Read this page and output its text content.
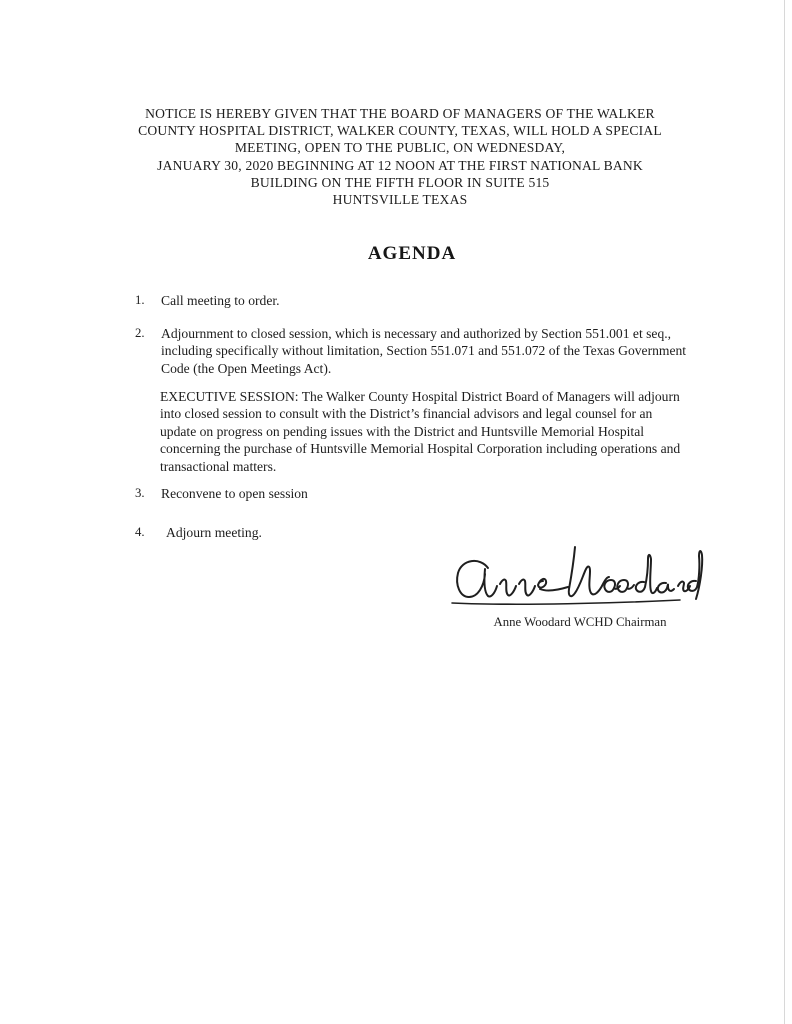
NOTICE IS HEREBY GIVEN THAT THE BOARD OF MANAGERS OF THE WALKER
COUNTY HOSPITAL DISTRICT, WALKER COUNTY, TEXAS, WILL HOLD A SPECIAL
MEETING, OPEN TO THE PUBLIC, ON WEDNESDAY,
JANUARY 30, 2020 BEGINNING AT 12 NOON AT THE FIRST NATIONAL BANK
BUILDING ON THE FIFTH FLOOR IN SUITE 515
HUNTSVILLE TEXAS
AGENDA
1. Call meeting to order.
2. Adjournment to closed session, which is necessary and authorized by Section 551.001 et seq., including specifically without limitation, Section 551.071 and 551.072 of the Texas Government Code (the Open Meetings Act).
EXECUTIVE SESSION: The Walker County Hospital District Board of Managers will adjourn into closed session to consult with the District’s financial advisors and legal counsel for an update on progress on pending issues with the District and Huntsville Memorial Hospital concerning the purchase of Huntsville Memorial Hospital Corporation including operations and transactional matters.
3. Reconvene to open session
4. Adjourn meeting.
Anne Woodard WCHD Chairman
